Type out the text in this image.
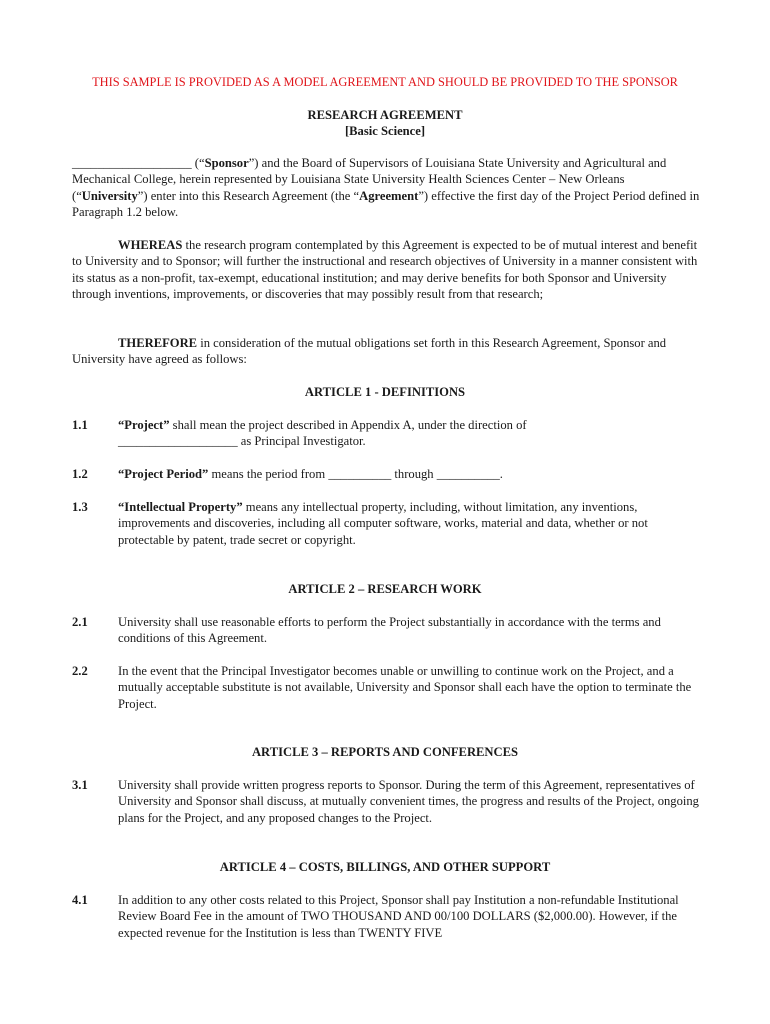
THIS SAMPLE IS PROVIDED AS A MODEL AGREEMENT AND SHOULD BE PROVIDED TO THE SPONSOR
RESEARCH AGREEMENT
[Basic Science]

___________________ (“Sponsor”) and the Board of Supervisors of Louisiana State University and Agricultural and Mechanical College, herein represented by Louisiana State University Health Sciences Center – New Orleans (“University”) enter into this Research Agreement (the “Agreement”) effective the first day of the Project Period defined in Paragraph 1.2 below.

WHEREAS the research program contemplated by this Agreement is expected to be of mutual interest and benefit to University and to Sponsor; will further the instructional and research objectives of University in a manner consistent with its status as a non-profit, tax-exempt, educational institution; and may derive benefits for both Sponsor and University through inventions, improvements, or discoveries that may possibly result from that research;

THEREFORE in consideration of the mutual obligations set forth in this Research Agreement, Sponsor and University have agreed as follows:

ARTICLE 1 - DEFINITIONS
1.1 “Project” shall mean the project described in Appendix A, under the direction of
___________________ as Principal Investigator.
1.2 “Project Period” means the period from __________ through __________.
1.3 “Intellectual Property” means any intellectual property, including, without limitation, any inventions, improvements and discoveries, including all computer software, works, material and data, whether or not protectable by patent, trade secret or copyright.
ARTICLE 2 – RESEARCH WORK
2.1 University shall use reasonable efforts to perform the Project substantially in accordance with the terms and conditions of this Agreement.
2.2 In the event that the Principal Investigator becomes unable or unwilling to continue work on the Project, and a mutually acceptable substitute is not available, University and Sponsor shall each have the option to terminate the Project.
ARTICLE 3 – REPORTS AND CONFERENCES
3.1 University shall provide written progress reports to Sponsor. During the term of this Agreement, representatives of University and Sponsor shall discuss, at mutually convenient times, the progress and results of the Project, ongoing plans for the Project, and any proposed changes to the Project.
ARTICLE 4 – COSTS, BILLINGS, AND OTHER SUPPORT
4.1 In addition to any other costs related to this Project, Sponsor shall pay Institution a non-refundable Institutional Review Board Fee in the amount of TWO THOUSAND AND 00/100 DOLLARS ($2,000.00). However, if the expected revenue for the Institution is less than TWENTY FIVE
